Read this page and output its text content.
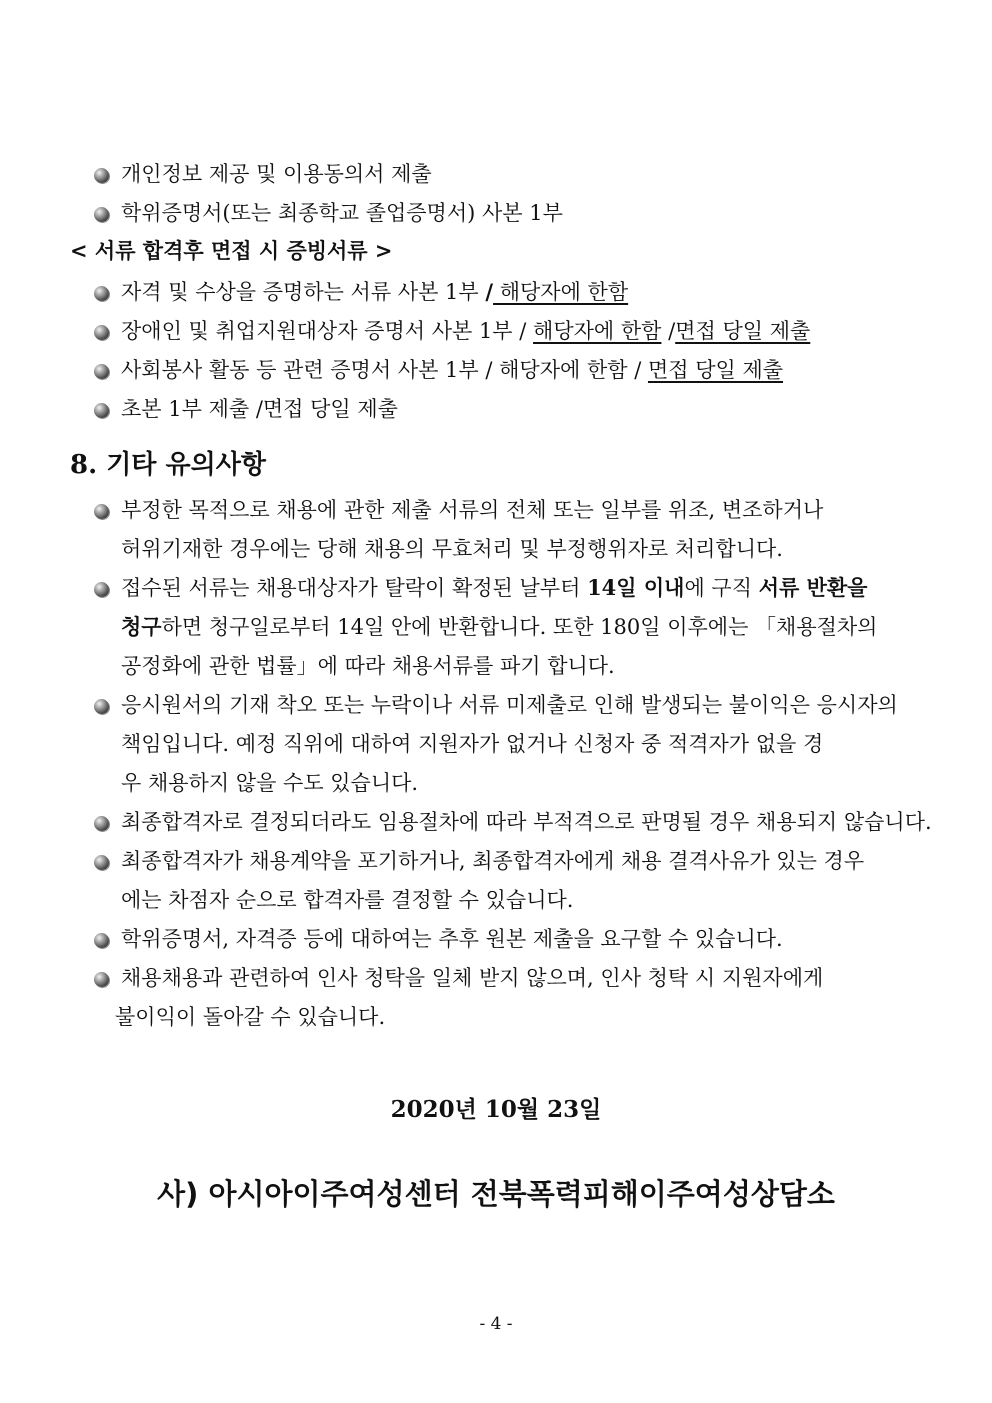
개인정보 제공 및 이용동의서 제출
학위증명서(또는 최종학교 졸업증명서) 사본 1부
< 서류 합격후 면접 시 증빙서류 >
자격 및 수상을 증명하는 서류 사본 1부 / 해당자에 한함
장애인 및 취업지원대상자 증명서 사본 1부 / 해당자에 한함 /면접 당일 제출
사회봉사 활동 등 관련 증명서 사본 1부 / 해당자에 한함 / 면접 당일 제출
초본 1부 제출 /면접 당일 제출
8. 기타 유의사항
부정한 목적으로 채용에 관한 제출 서류의 전체 또는 일부를 위조, 변조하거나
허위기재한 경우에는 당해 채용의 무효처리 및 부정행위자로 처리합니다.
접수된 서류는 채용대상자가 탈락이 확정된 날부터 14일 이내에 구직 서류 반환을
청구하면 청구일로부터 14일 안에 반환합니다. 또한 180일 이후에는 「채용절차의
공정화에 관한 법률」에 따라 채용서류를 파기 합니다.
응시원서의 기재 착오 또는 누락이나 서류 미제출로 인해 발생되는 불이익은 응시자의
책임입니다. 예정 직위에 대하여 지원자가 없거나 신청자 중 적격자가 없을 경
우 채용하지 않을 수도 있습니다.
최종합격자로 결정되더라도 임용절차에 따라 부적격으로 판명될 경우 채용되지 않습니다.
최종합격자가 채용계약을 포기하거나, 최종합격자에게 채용 결격사유가 있는 경우
에는 차점자 순으로 합격자를 결정할 수 있습니다.
학위증명서, 자격증 등에 대하여는 추후 원본 제출을 요구할 수 있습니다.
채용채용과 관련하여 인사 청탁을 일체 받지 않으며, 인사 청탁 시 지원자에게
불이익이 돌아갈 수 있습니다.
2020년 10월 23일
사) 아시아이주여성센터 전북폭력피해이주여성상담소
- 4 -
